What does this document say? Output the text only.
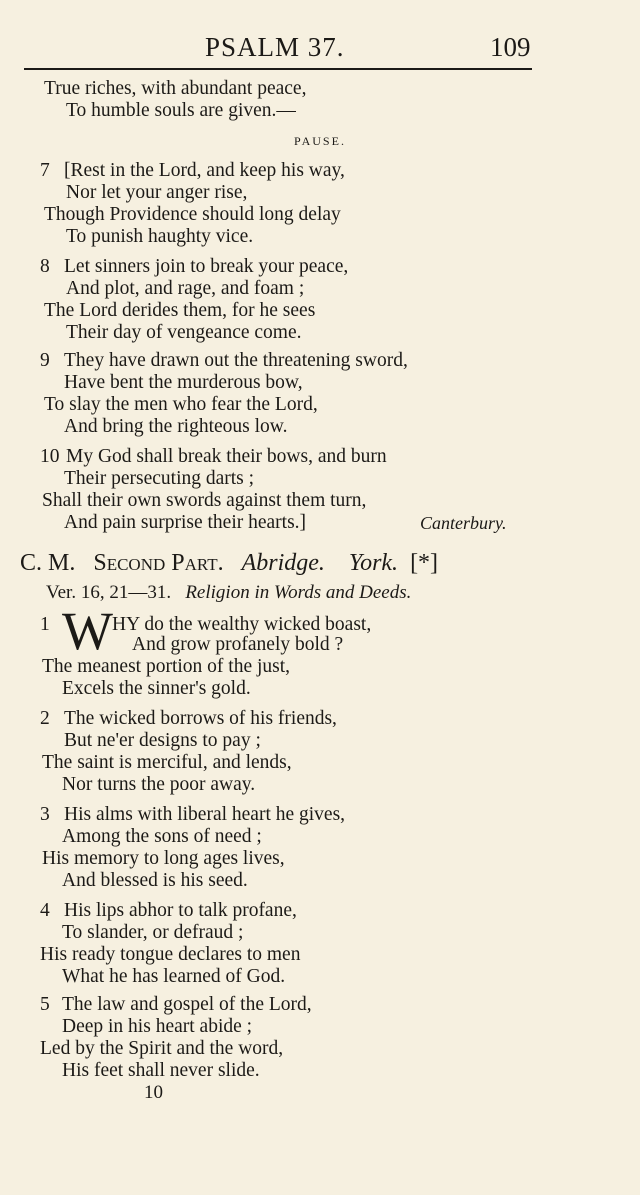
PSALM 37.	109
True riches, with abundant peace,
To humble souls are given.—
PAUSE.
7 [Rest in the Lord, and keep his way,
Nor let your anger rise,
Though Providence should long delay
To punish haughty vice.
8 Let sinners join to break your peace,
And plot, and rage, and foam ;
The Lord derides them, for he sees
Their day of vengeance come.
9 They have drawn out the threatening sword,
Have bent the murderous bow,
To slay the men who fear the Lord,
And bring the righteous low.
10 My God shall break their bows, and burn
Their persecuting darts ;
Shall their own swords against them turn,
And pain surprise their hearts.]	Canterbury.
C. M. Second Part. Abridge. York. [*]
Ver. 16, 21—31. Religion in Words and Deeds.
1 W HY do the wealthy wicked boast,
And grow profanely bold ?
The meanest portion of the just,
Excels the sinner's gold.
2 The wicked borrows of his friends,
But ne'er designs to pay ;
The saint is merciful, and lends,
Nor turns the poor away.
3 His alms with liberal heart he gives,
Among the sons of need ;
His memory to long ages lives,
And blessed is his seed.
4 His lips abhor to talk profane,
To slander, or defraud ;
His ready tongue declares to men
What he has learned of God.
5 The law and gospel of the Lord,
Deep in his heart abide ;
Led by the Spirit and the word,
His feet shall never slide.
10
